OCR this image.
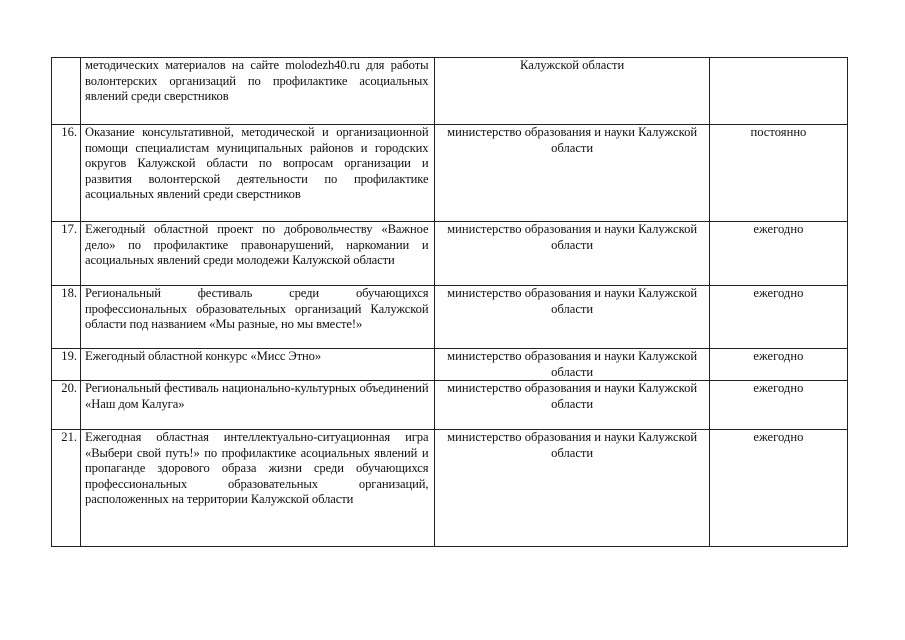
	методических материалов на сайте molodezh40.ru для работы волонтерских организаций по профилактике асоциальных явлений среди сверстников	Калужской области	
16.	Оказание консультативной, методической и организационной помощи специалистам муниципальных районов и городских округов Калужской области по вопросам организации и развития волонтерской деятельности по профилактике асоциальных явлений среди сверстников	министерство образования и науки Калужской области	постоянно
17.	Ежегодный областной проект по добровольчеству «Важное дело» по профилактике правонарушений, наркомании и асоциальных явлений среди молодежи Калужской области	министерство образования и науки Калужской области	ежегодно
18.	Региональный фестиваль среди обучающихся профессиональных образовательных организаций Калужской области под названием «Мы разные, но мы вместе!»	министерство образования и науки Калужской области	ежегодно
19.	Ежегодный областной конкурс «Мисс Этно»	министерство образования и науки Калужской области	ежегодно
20.	Региональный фестиваль национально-культурных объединений «Наш дом Калуга»	министерство образования и науки Калужской области	ежегодно
21.	Ежегодная областная интеллектуально-ситуационная игра «Выбери свой путь!» по профилактике асоциальных явлений и пропаганде здорового образа жизни среди обучающихся профессиональных образовательных организаций, расположенных на территории Калужской области	министерство образования и науки Калужской области	ежегодно
